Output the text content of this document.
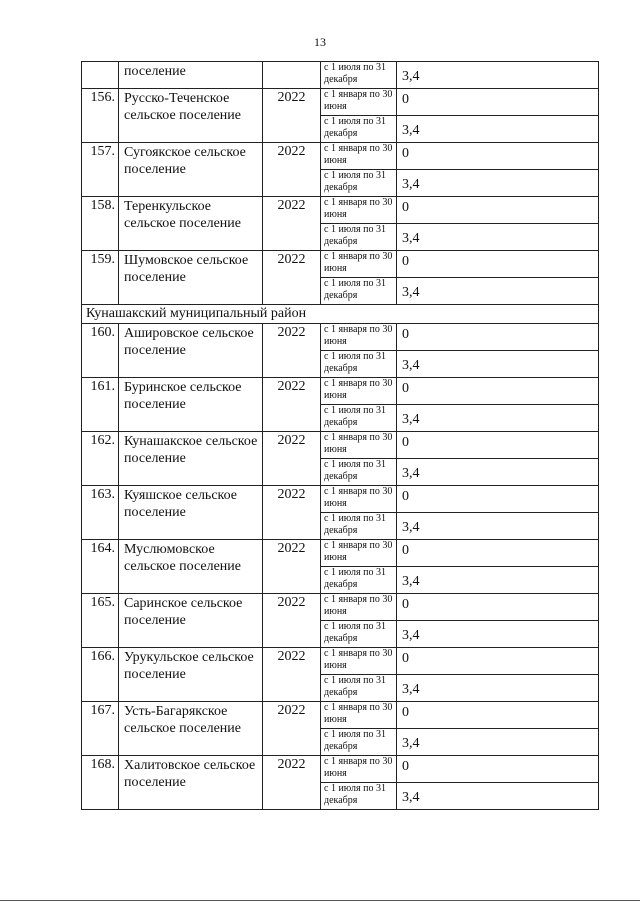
13
	поселение		с 1 июля по 31 декабря	3,4
156.	Русско-Теченское сельское поселение	2022	с 1 января по 30 июня	0
			с 1 июля по 31 декабря	3,4
157.	Сугоякское сельское поселение	2022	с 1 января по 30 июня	0
			с 1 июля по 31 декабря	3,4
158.	Теренкульское сельское поселение	2022	с 1 января по 30 июня	0
			с 1 июля по 31 декабря	3,4
159.	Шумовское сельское поселение	2022	с 1 января по 30 июня	0
			с 1 июля по 31 декабря	3,4
Кунашакский муниципальный район				
160.	Аширoвское сельское поселение	2022	с 1 января по 30 июня	0
			с 1 июля по 31 декабря	3,4
161.	Буринское сельское поселение	2022	с 1 января по 30 июня	0
			с 1 июля по 31 декабря	3,4
162.	Кунашакское сельское поселение	2022	с 1 января по 30 июня	0
			с 1 июля по 31 декабря	3,4
163.	Куяшское сельское поселение	2022	с 1 января по 30 июня	0
			с 1 июля по 31 декабря	3,4
164.	Муслюмовское сельское поселение	2022	с 1 января по 30 июня	0
			с 1 июля по 31 декабря	3,4
165.	Саринское сельское поселение	2022	с 1 января по 30 июня	0
			с 1 июля по 31 декабря	3,4
166.	Урукульское сельское поселение	2022	с 1 января по 30 июня	0
			с 1 июля по 31 декабря	3,4
167.	Усть-Багарякское сельское поселение	2022	с 1 января по 30 июня	0
			с 1 июля по 31 декабря	3,4
168.	Халитовское сельское поселение	2022	с 1 января по 30 июня	0
			с 1 июля по 31 декабря	3,4
